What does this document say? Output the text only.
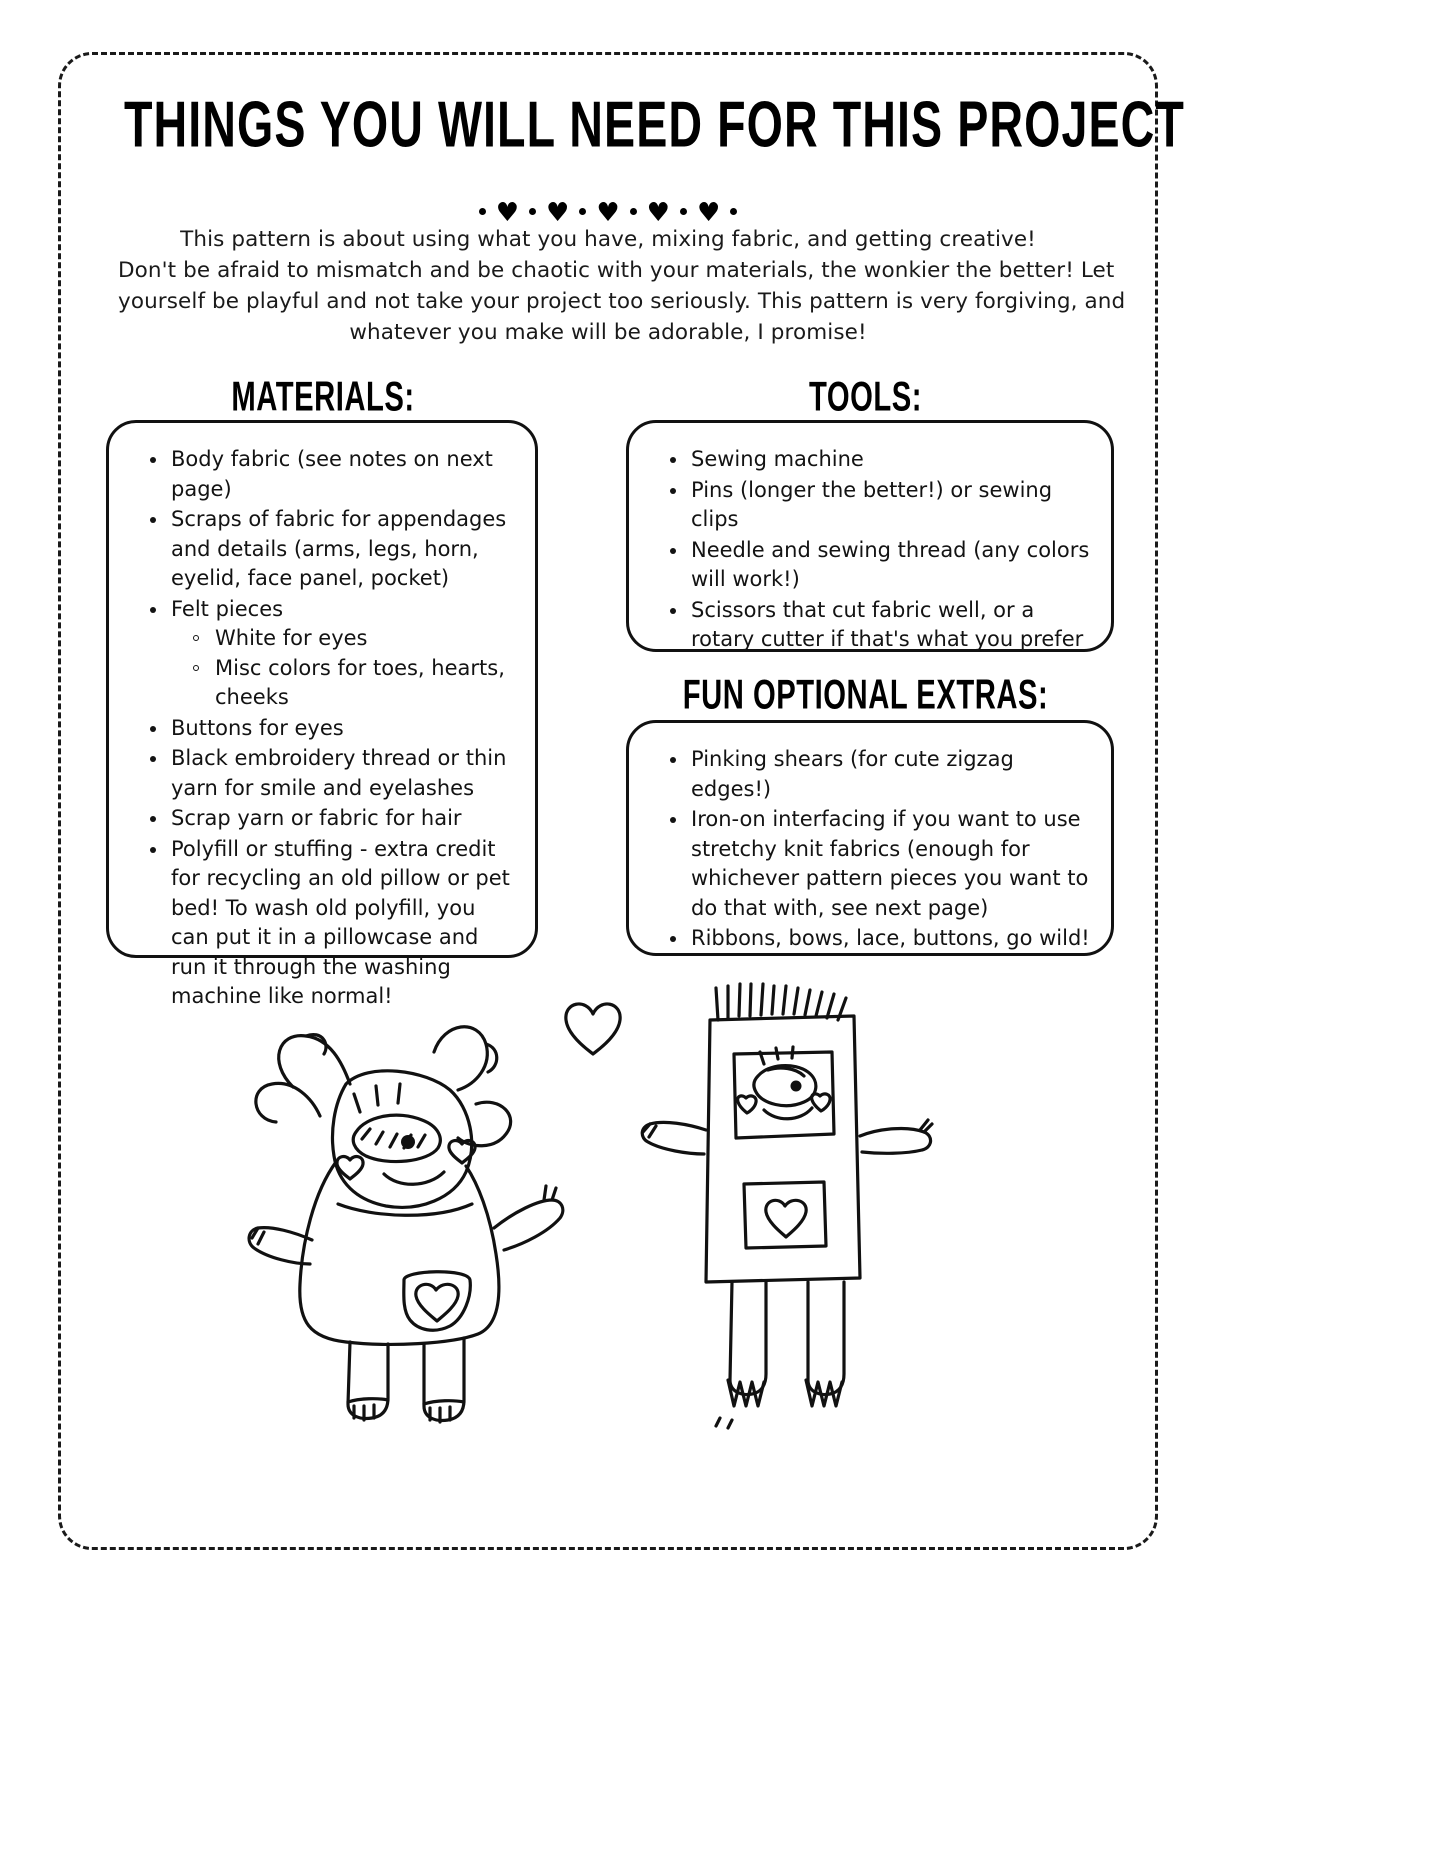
THINGS YOU WILL NEED FOR THIS PROJECT
♥ ♥ ♥ ♥ ♥
This pattern is about using what you have, mixing fabric, and getting creative!
Don't be afraid to mismatch and be chaotic with your materials, the wonkier the better! Let
yourself be playful and not take your project too seriously. This pattern is very forgiving, and
whatever you make will be adorable, I promise!
MATERIALS:	TOOLS:
FUN OPTIONAL EXTRAS:
Body fabric (see notes on next page)
Scraps of fabric for appendages and details (arms, legs, horn, eyelid, face panel, pocket)
Felt pieces
White for eyes
Misc colors for toes, hearts, cheeks
Buttons for eyes
Black embroidery thread or thin yarn for smile and eyelashes
Scrap yarn or fabric for hair
Polyfill or stuffing - extra credit for recycling an old pillow or pet bed! To wash old polyfill, you can put it in a pillowcase and run it through the washing machine like normal!
Sewing machine
Pins (longer the better!) or sewing clips
Needle and sewing thread (any colors will work!)
Scissors that cut fabric well, or a rotary cutter if that's what you prefer
Pinking shears (for cute zigzag edges!)
Iron-on interfacing if you want to use stretchy knit fabrics (enough for whichever pattern pieces you want to do that with, see next page)
Ribbons, bows, lace, buttons, go wild!
